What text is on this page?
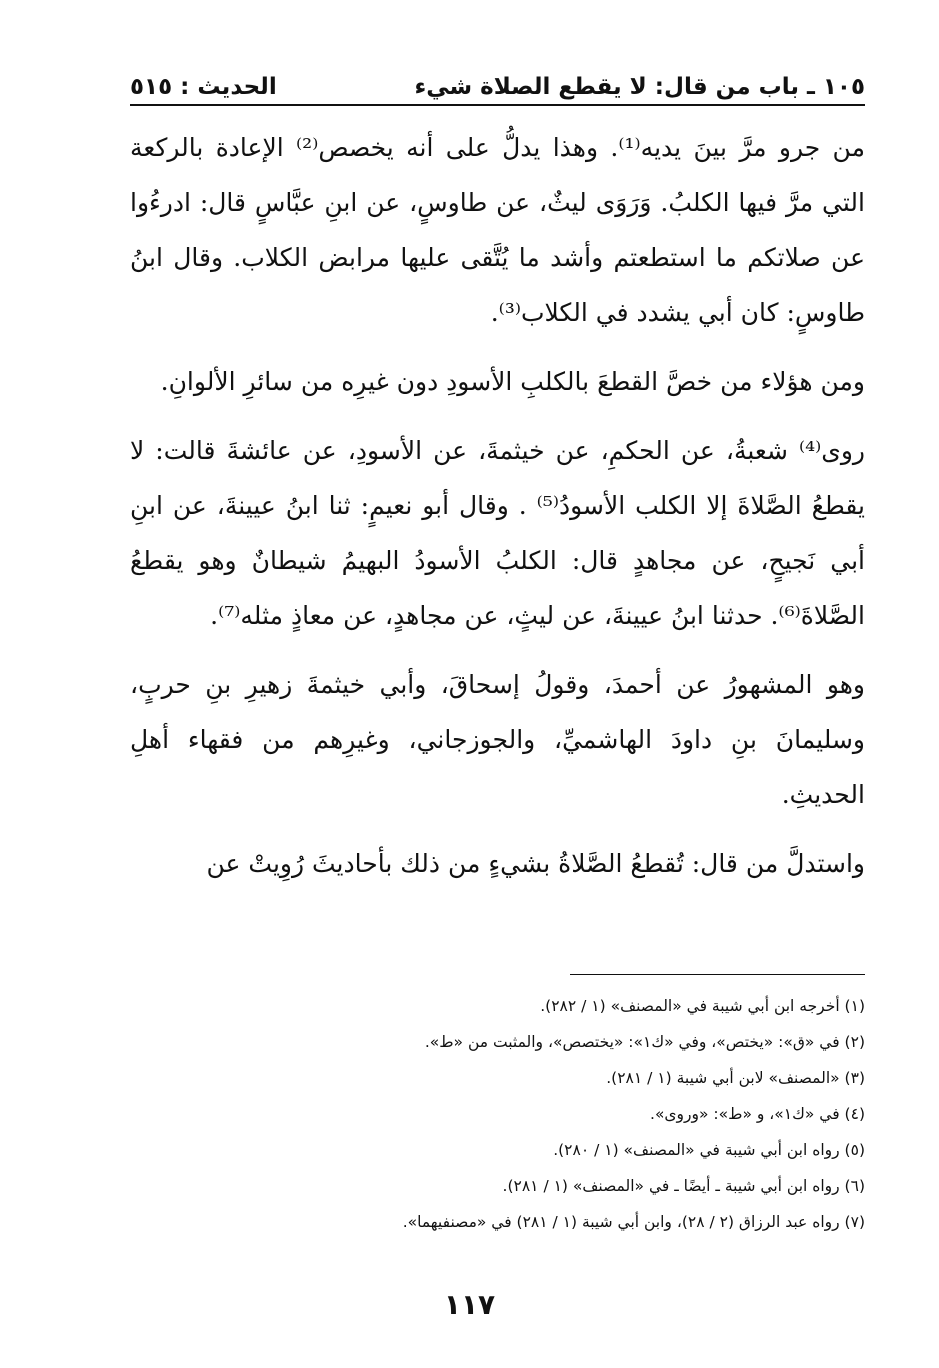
١٠٥ ـ باب من قال: لا يقطع الصلاة شيء
الحديث : ٥١٥

من جرو مرَّ بينَ يديه⁽¹⁾. وهذا يدلُّ على أنه يخصص⁽²⁾ الإعادة بالركعة التي مرَّ فيها الكلبُ. وَرَوَى ليثٌ، عن طاوسٍ، عن ابنِ عبَّاسٍ قال: ادرءُوا عن صلاتكم ما استطعتم وأشد ما يُتَّقى عليها مرابض الكلاب. وقال ابنُ طاوسٍ: كان أبي يشدد في الكلاب⁽³⁾.

ومن هؤلاء من خصَّ القطعَ بالكلبِ الأسودِ دون غيرِه من سائرِ الألوانِ.

روى⁽⁴⁾ شعبةُ، عن الحكمِ، عن خيثمةَ، عن الأسودِ، عن عائشةَ قالت: لا يقطعُ الصَّلاةَ إلا الكلب الأسودُ⁽⁵⁾ . وقال أبو نعيمٍ: ثنا ابنُ عيينةَ، عن ابنِ أبي نَجيحٍ، عن مجاهدٍ قال: الكلبُ الأسودُ البهيمُ شيطانٌ وهو يقطعُ الصَّلاةَ⁽⁶⁾. حدثنا ابنُ عيينةَ، عن ليثٍ، عن مجاهدٍ، عن معاذٍ مثله⁽⁷⁾.

وهو المشهورُ عن أحمدَ، وقولُ إسحاقَ، وأبي خيثمةَ زهيرِ بنِ حربٍ، وسليمانَ بنِ داودَ الهاشميِّ، والجوزجاني، وغيرِهم من فقهاء أهلِ الحديثِ.

واستدلَّ من قال: تُقطعُ الصَّلاةُ بشيءٍ من ذلك بأحاديثَ رُوِيتْ عن

(١) أخرجه ابن أبي شيبة في «المصنف» (١ / ٢٨٢).
(٢) في «ق»: «يختص»، وفي «ك١»: «يختصص»، والمثبت من «ط».
(٣) «المصنف» لابن أبي شيبة (١ / ٢٨١).
(٤) في «ك١»، و «ط»: «وروى».
(٥) رواه ابن أبي شيبة في «المصنف» (١ / ٢٨٠).
(٦) رواه ابن أبي شيبة ـ أيضًا ـ في «المصنف» (١ / ٢٨١).
(٧) رواه عبد الرزاق (٢ / ٢٨)، وابن أبي شيبة (١ / ٢٨١) في «مصنفيهما».
١١٧
